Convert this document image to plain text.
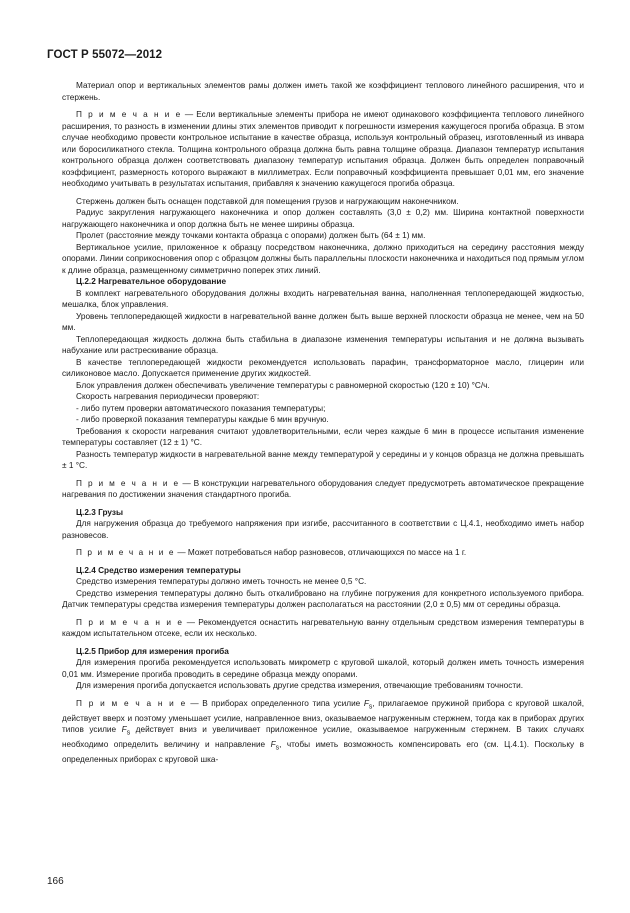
ГОСТ Р 55072—2012

Материал опор и вертикальных элементов рамы должен иметь такой же коэффициент теплового линейного расширения, что и стержень.

П р и м е ч а н и е — Если вертикальные элементы прибора не имеют одинакового коэффициента теплового линейного расширения, то разность в изменении длины этих элементов приводит к погрешности измерения кажущегося прогиба образца. В этом случае необходимо провести контрольное испытание в качестве образца, используя контрольный образец, изготовленный из инвара или боросиликатного стекла. Толщина контрольного образца должна быть равна толщине образца. Диапазон температур испытания контрольного образца должен соответствовать диапазону температур испытания образца. Должен быть определен поправочный коэффициент, размерность которого выражают в миллиметрах. Если поправочный коэффициента превышает 0,01 мм, его значение необходимо учитывать в результатах испытания, прибавляя к значению кажущегося прогиба образца.

Стержень должен быть оснащен подставкой для помещения грузов и нагружающим наконечником.

Радиус закругления нагружающего наконечника и опор должен составлять (3,0 ± 0,2) мм. Ширина контактной поверхности нагружающего наконечника и опор должна быть не менее ширины образца.

Пролет (расстояние между точками контакта образца с опорами) должен быть (64 ± 1) мм.

Вертикальное усилие, приложенное к образцу посредством наконечника, должно приходиться на середину расстояния между опорами. Линии соприкосновения опор с образцом должны быть параллельны плоскости наконечника и находиться под прямым углом к длине образца, размещенному симметрично поперек этих линий.

Ц.2.2 Нагревательное оборудование

В комплект нагревательного оборудования должны входить нагревательная ванна, наполненная теплопередающей жидкостью, мешалка, блок управления.

Уровень теплопередающей жидкости в нагревательной ванне должен быть выше верхней плоскости образца не менее, чем на 50 мм.

Теплопередающая жидкость должна быть стабильна в диапазоне изменения температуры испытания и не должна вызывать набухание или растрескивание образца.

В качестве теплопередающей жидкости рекомендуется использовать парафин, трансформаторное масло, глицерин или силиконовое масло. Допускается применение других жидкостей.

Блок управления должен обеспечивать увеличение температуры с равномерной скоростью (120 ± 10) °С/ч.

Скорость нагревания периодически проверяют:

- либо путем проверки автоматического показания температуры;

- либо проверкой показания температуры каждые 6 мин вручную.

Требования к скорости нагревания считают удовлетворительными, если через каждые 6 мин в процессе испытания изменение температуры составляет (12 ± 1) °С.

Разность температур жидкости в нагревательной ванне между температурой у середины и у концов образца не должна превышать ± 1 °С.

П р и м е ч а н и е — В конструкции нагревательного оборудования следует предусмотреть автоматическое прекращение нагревания по достижении значения стандартного прогиба.

Ц.2.3 Грузы

Для нагружения образца до требуемого напряжения при изгибе, рассчитанного в соответствии с Ц.4.1, необходимо иметь набор разновесов.

П р и м е ч а н и е — Может потребоваться набор разновесов, отличающихся по массе на 1 г.

Ц.2.4 Средство измерения температуры

Средство измерения температуры должно иметь точность не менее 0,5 °С.

Средство измерения температуры должно быть откалибровано на глубине погружения для конкретного используемого прибора. Датчик температуры средства измерения температуры должен располагаться на расстоянии (2,0 ± 0,5) мм от середины образца.

П р и м е ч а н и е — Рекомендуется оснастить нагревательную ванну отдельным средством измерения температуры в каждом испытательном отсеке, если их несколько.

Ц.2.5 Прибор для измерения прогиба

Для измерения прогиба рекомендуется использовать микрометр с круговой шкалой, который должен иметь точность измерения 0,01 мм. Измерение прогиба проводить в середине образца между опорами.

Для измерения прогиба допускается использовать другие средства измерения, отвечающие требованиям точности.

П р и м е ч а н и е — В приборах определенного типа усилие $F_s$, прилагаемое пружиной прибора с круговой шкалой, действует вверх и поэтому уменьшает усилие, направленное вниз, оказываемое нагруженным стержнем, тогда как в приборах других типов усилие $F_s$ действует вниз и увеличивает приложенное усилие, оказываемое нагруженным стержнем. В таких случаях необходимо определить величину и направление $F_s$, чтобы иметь возможность компенсировать его (см. Ц.4.1). Поскольку в определенных приборах с круговой шка-

166
